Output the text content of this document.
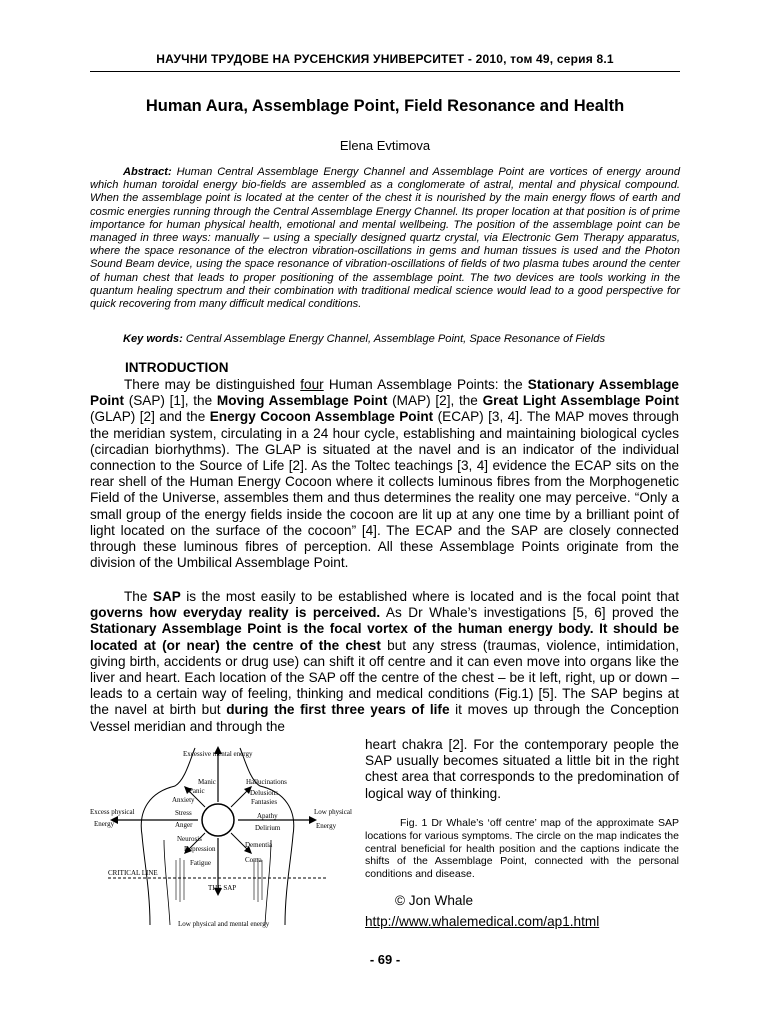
НАУЧНИ ТРУДОВЕ НА РУСЕНСКИЯ УНИВЕРСИТЕТ - 2010, том 49, серия 8.1
Human Aura, Assemblage Point, Field Resonance and Health
Elena Evtimova
Abstract: Human Central Assemblage Energy Channel and Assemblage Point are vortices of energy around which human toroidal energy bio-fields are assembled as a conglomerate of astral, mental and physical compound. When the assemblage point is located at the center of the chest it is nourished by the main energy flows of earth and cosmic energies running through the Central Assemblage Energy Channel. Its proper location at that position is of prime importance for human physical health, emotional and mental wellbeing. The position of the assemblage point can be managed in three ways: manually – using a specially designed quartz crystal, via Electronic Gem Therapy apparatus, where the space resonance of the electron vibration-oscillations in gems and human tissues is used and the Photon Sound Beam device, using the space resonance of vibration-oscillations of fields of two plasma tubes around the center of human chest that leads to proper positioning of the assemblage point. The two devices are tools working in the quantum healing spectrum and their combination with traditional medical science would lead to a good perspective for quick recovering from many difficult medical conditions.
Key words: Central Assemblage Energy Channel, Assemblage Point, Space Resonance of Fields
INTRODUCTION

There may be distinguished four Human Assemblage Points: the Stationary Assemblage Point (SAP) [1], the Moving Assemblage Point (MAP) [2], the Great Light Assemblage Point (GLAP) [2] and the Energy Cocoon Assemblage Point (ECAP) [3, 4]. The MAP moves through the meridian system, circulating in a 24 hour cycle, establishing and maintaining biological cycles (circadian biorhythms). The GLAP is situated at the navel and is an indicator of the individual connection to the Source of Life [2]. As the Toltec teachings [3, 4] evidence the ECAP sits on the rear shell of the Human Energy Cocoon where it collects luminous fibres from the Morphogenetic Field of the Universe, assembles them and thus determines the reality one may perceive. “Only a small group of the energy fields inside the cocoon are lit up at any one time by a brilliant point of light located on the surface of the cocoon” [4]. The ECAP and the SAP are closely connected through these luminous fibres of perception. All these Assemblage Points originate from the division of the Umbilical Assemblage Point.

The SAP is the most easily to be established where is located and is the focal point that governs how everyday reality is perceived. As Dr Whale’s investigations [5, 6] proved the Stationary Assemblage Point is the focal vortex of the human energy body. It should be located at (or near) the centre of the chest but any stress (traumas, violence, intimidation, giving birth, accidents or drug use) can shift it off centre and it can even move into organs like the liver and heart. Each location of the SAP off the centre of the chest – be it left, right, up or down – leads to a certain way of feeling, thinking and medical conditions (Fig.1) [5]. The SAP begins at the navel at birth but during the first three years of life it moves up through the Conception Vessel meridian and through the

Excessive mental energy
Low physical and mental energy
Excess physical
Energy
Low physical
Energy
CRITICAL LINE
THE SAP
Manic
Panic
Anxiety
Stress
Anger
Neurosis
Depression
Fatigue
Hallucinations
Delusions
Fantasies
Apathy
Delirium
Dementia
Coma
heart chakra [2]. For the contemporary people the SAP usually becomes situated a little bit in the right chest area that corresponds to the predomination of logical way of thinking.
Fig. 1 Dr Whale’s ‘off centre’ map of the approximate SAP locations for various symptoms. The circle on the map indicates the central beneficial for health position and the captions indicate the shifts of the Assemblage Point, connected with the personal conditions and disease.
© Jon Whale
http://www.whalemedical.com/ap1.html
- 69 -
